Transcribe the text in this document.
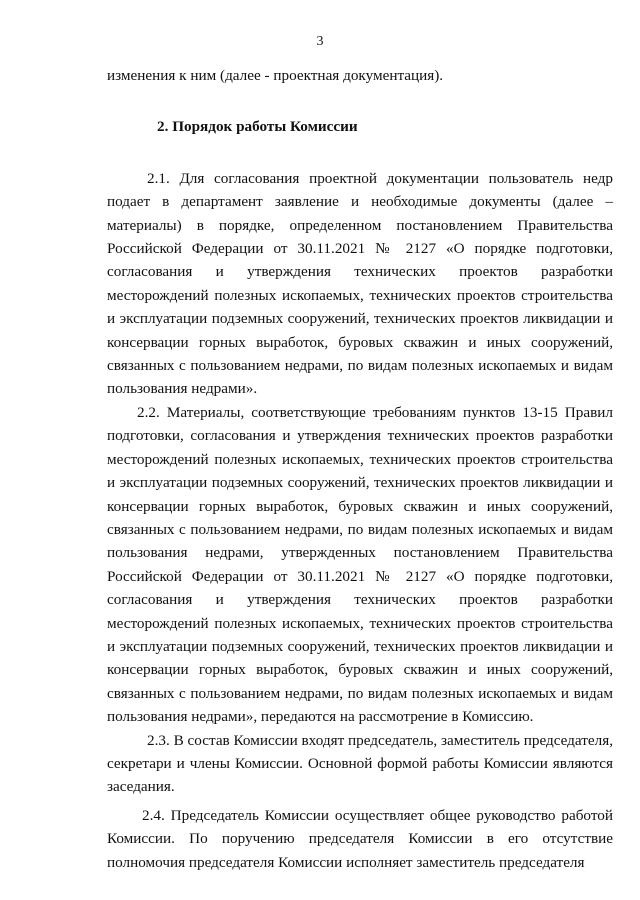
3

изменения к ним (далее - проектная документация).

2. Порядок работы Комиссии

2.1. Для согласования проектной документации пользователь недр подает в департамент заявление и необходимые документы (далее – материалы) в порядке, определенном постановлением Правительства Российской Федерации от 30.11.2021 № 2127 «О порядке подготовки, согласования и утверждения технических проектов разработки месторождений полезных ископаемых, технических проектов строительства и эксплуатации подземных сооружений, технических проектов ликвидации и консервации горных выработок, буровых скважин и иных сооружений, связанных с пользованием недрами, по видам полезных ископаемых и видам пользования недрами».

2.2. Материалы, соответствующие требованиям пунктов 13-15 Правил подготовки, согласования и утверждения технических проектов разработки месторождений полезных ископаемых, технических проектов строительства и эксплуатации подземных сооружений, технических проектов ликвидации и консервации горных выработок, буровых скважин и иных сооружений, связанных с пользованием недрами, по видам полезных ископаемых и видам пользования недрами, утвержденных постановлением Правительства Российской Федерации от 30.11.2021 № 2127 «О порядке подготовки, согласования и утверждения технических проектов разработки месторождений полезных ископаемых, технических проектов строительства и эксплуатации подземных сооружений, технических проектов ликвидации и консервации горных выработок, буровых скважин и иных сооружений, связанных с пользованием недрами, по видам полезных ископаемых и видам пользования недрами», передаются на рассмотрение в Комиссию.

2.3. В состав Комиссии входят председатель, заместитель председателя, секретари и члены Комиссии. Основной формой работы Комиссии являются заседания.

2.4. Председатель Комиссии осуществляет общее руководство работой Комиссии. По поручению председателя Комиссии в его отсутствие полномочия председателя Комиссии исполняет заместитель председателя
